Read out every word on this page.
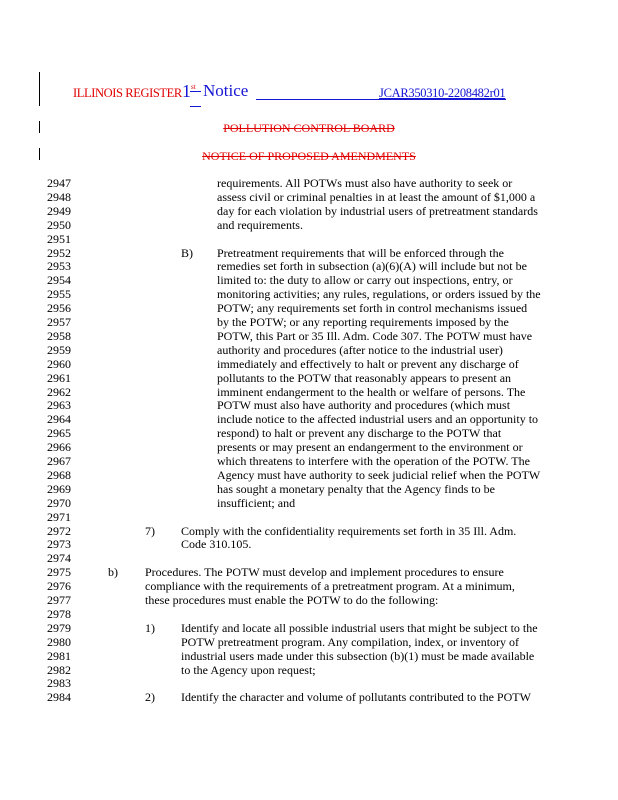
ILLINOIS REGISTER 1 st Notice	JCAR350310-2208482r01
POLLUTION CONTROL BOARD
NOTICE OF PROPOSED AMENDMENTS
2947	requirements. All POTWs must also have authority to seek or
2948	assess civil or criminal penalties in at least the amount of $1,000 a
2949	day for each violation by industrial users of pretreatment standards
2950	and requirements.
2951
2952	B) Pretreatment requirements that will be enforced through the
2953	remedies set forth in subsection (a)(6)(A) will include but not be
2954	limited to: the duty to allow or carry out inspections, entry, or
2955	monitoring activities; any rules, regulations, or orders issued by the
2956	POTW; any requirements set forth in control mechanisms issued
2957	by the POTW; or any reporting requirements imposed by the
2958	POTW, this Part or 35 Ill. Adm. Code 307. The POTW must have
2959	authority and procedures (after notice to the industrial user)
2960	immediately and effectively to halt or prevent any discharge of
2961	pollutants to the POTW that reasonably appears to present an
2962	imminent endangerment to the health or welfare of persons. The
2963	POTW must also have authority and procedures (which must
2964	include notice to the affected industrial users and an opportunity to
2965	respond) to halt or prevent any discharge to the POTW that
2966	presents or may present an endangerment to the environment or
2967	which threatens to interfere with the operation of the POTW. The
2968	Agency must have authority to seek judicial relief when the POTW
2969	has sought a monetary penalty that the Agency finds to be
2970	insufficient; and
2971
2972	7) Comply with the confidentiality requirements set forth in 35 Ill. Adm.
2973	Code 310.105.
2974
2975	b) Procedures. The POTW must develop and implement procedures to ensure
2976	compliance with the requirements of a pretreatment program. At a minimum,
2977	these procedures must enable the POTW to do the following:
2978
2979	1) Identify and locate all possible industrial users that might be subject to the
2980	POTW pretreatment program. Any compilation, index, or inventory of
2981	industrial users made under this subsection (b)(1) must be made available
2982	to the Agency upon request;
2983
2984	2) Identify the character and volume of pollutants contributed to the POTW
